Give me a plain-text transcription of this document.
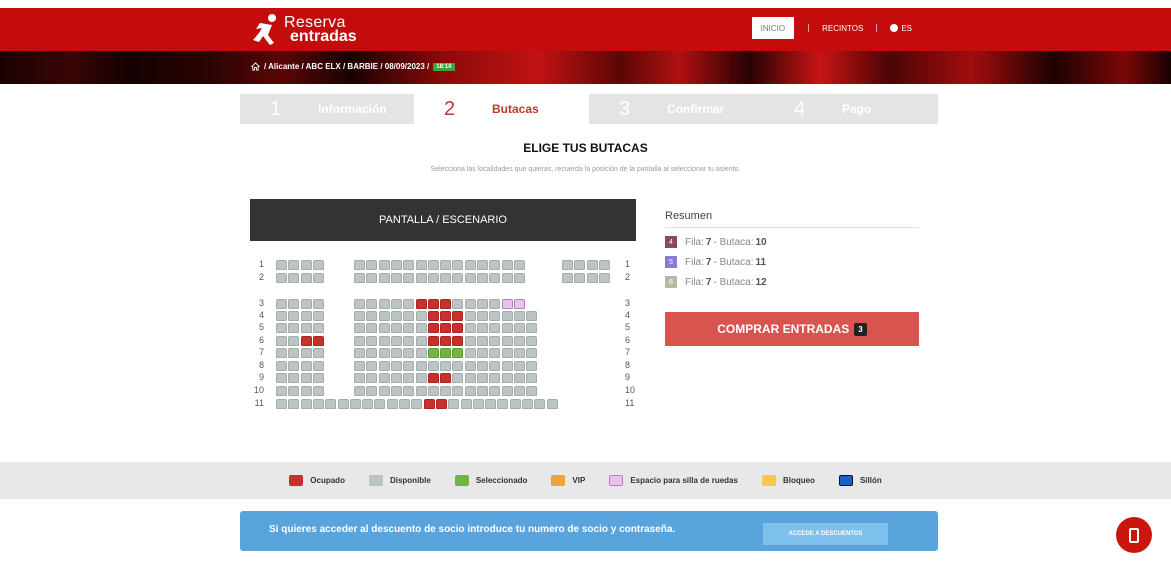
Reserva
entradas	INICIO	RECINTOS	ES
/ Alicante / ABC ELX / BARBIE / 08/09/2023 /	18:10
1	Información	2	Butacas	3	Confirmar	4	Pago
ELIGE TUS BUTACAS
Selecciona las localidades que quieras, recuerda la posición de la pantalla al seleccionar tu asiento.
PANTALLA / ESCENARIO
1	1
2	2
3	3
4	4
5	5
6	6
7	7
8	8
9	9
10	10
11	11
Resumen
4	Fila: 7 - Butaca: 10
5	Fila: 7 - Butaca: 11
6	Fila: 7 - Butaca: 12
COMPRAR ENTRADAS	3
Ocupado	Disponible	Seleccionado	VIP	Espacio para silla de ruedas	Bloqueo	Sillón
Si quieres acceder al descuento de socio introduce tu numero de socio y contraseña.	ACCEDE A DESCUENTOS
